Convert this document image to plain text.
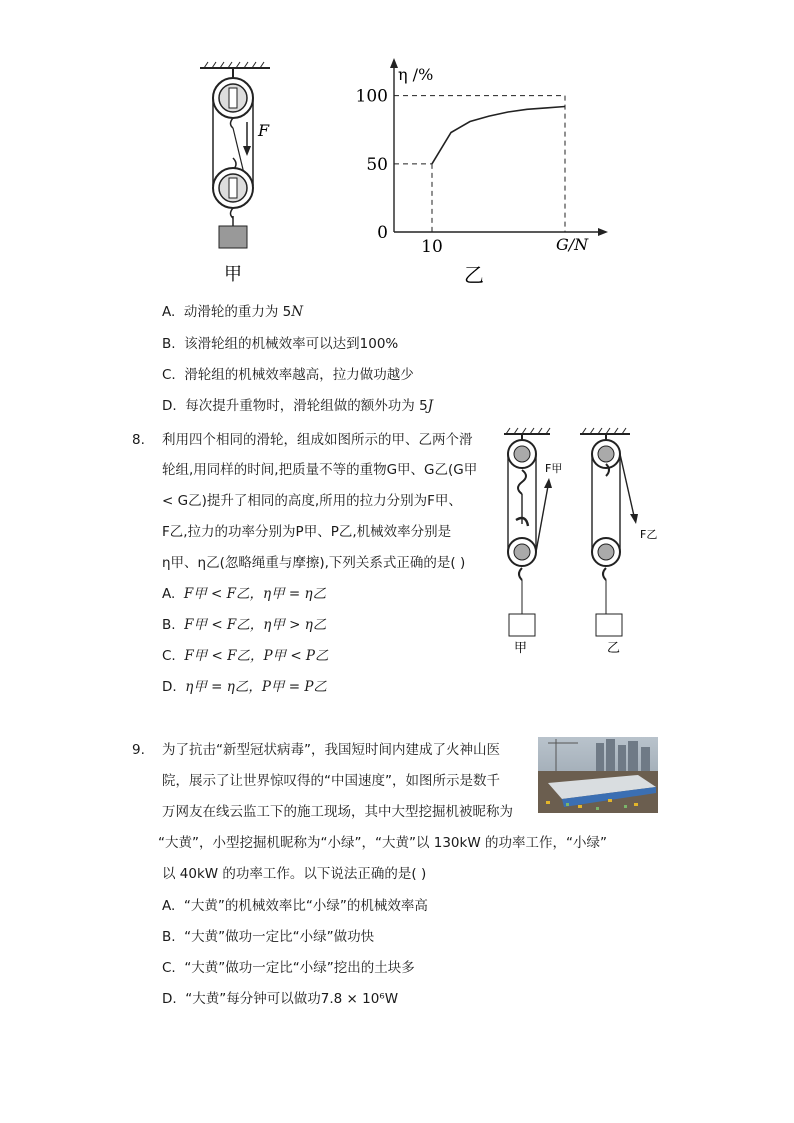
F
甲
50
100
0
10
η /%
G/N
乙
A. 动滑轮的重力为 5N
B. 该滑轮组的机械效率可以达到100%
C. 滑轮组的机械效率越高，拉力做功越少
D. 每次提升重物时，滑轮组做的额外功为 5J
8. 利用四个相同的滑轮，组成如图所示的甲、乙两个滑
轮组,用同样的时间,把质量不等的重物G甲、G乙(G甲
< G乙)提升了相同的高度,所用的拉力分别为F甲、
F乙,拉力的功率分别为P甲、P乙,机械效率分别是
η甲、η乙(忽略绳重与摩擦),下列关系式正确的是( )
A. F甲 < F乙，η甲 = η乙
B. F甲 < F乙，η甲 > η乙
C. F甲 < F乙，P甲 < P乙
D. η甲 = η乙，P甲 = P乙
F甲
甲
F乙
乙
9. 为了抗击“新型冠状病毒”，我国短时间内建成了火神山医
院，展示了让世界惊叹得的“中国速度”，如图所示是数千
万网友在线云监工下的施工现场，其中大型挖掘机被昵称为
“大黄”，小型挖掘机昵称为“小绿”，“大黄”以 130kW 的功率工作，“小绿”
以 40kW 的功率工作。以下说法正确的是( )
A. “大黄”的机械效率比“小绿”的机械效率高
B. “大黄”做功一定比“小绿”做功快
C. “大黄”做功一定比“小绿”挖出的土块多
D. “大黄”每分钟可以做功7.8 × 10⁶W
